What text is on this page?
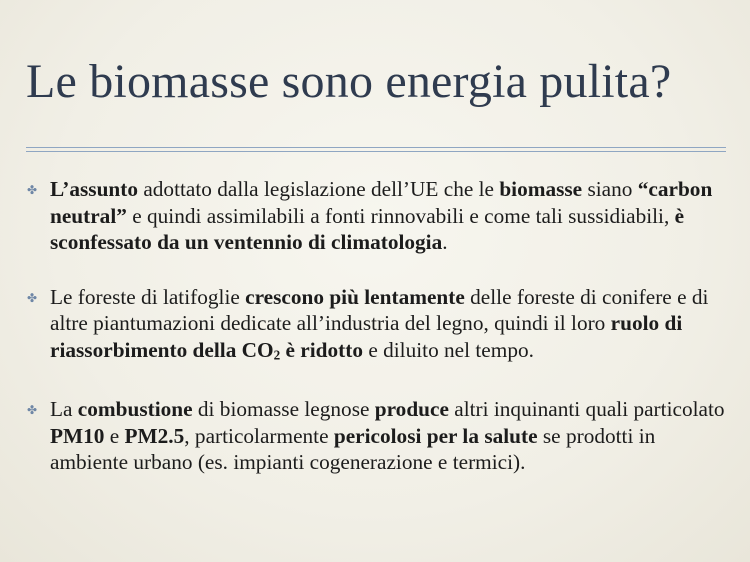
Le biomasse sono energia pulita?
✤ L’assunto adottato dalla legislazione dell’UE che le biomasse siano “carbon neutral” e quindi assimilabili a fonti rinnovabili e come tali sussidiabili, è sconfessato da un ventennio di climatologia.
✤ Le foreste di latifoglie crescono più lentamente delle foreste di conifere e di altre piantumazioni dedicate all’industria del legno, quindi il loro ruolo di riassorbimento della $CO_2$ è ridotto e diluito nel tempo.
✤ La combustione di biomasse legnose produce altri inquinanti quali particolato PM10 e PM2.5, particolarmente pericolosi per la salute se prodotti in ambiente urbano (es. impianti cogenerazione e termici).
